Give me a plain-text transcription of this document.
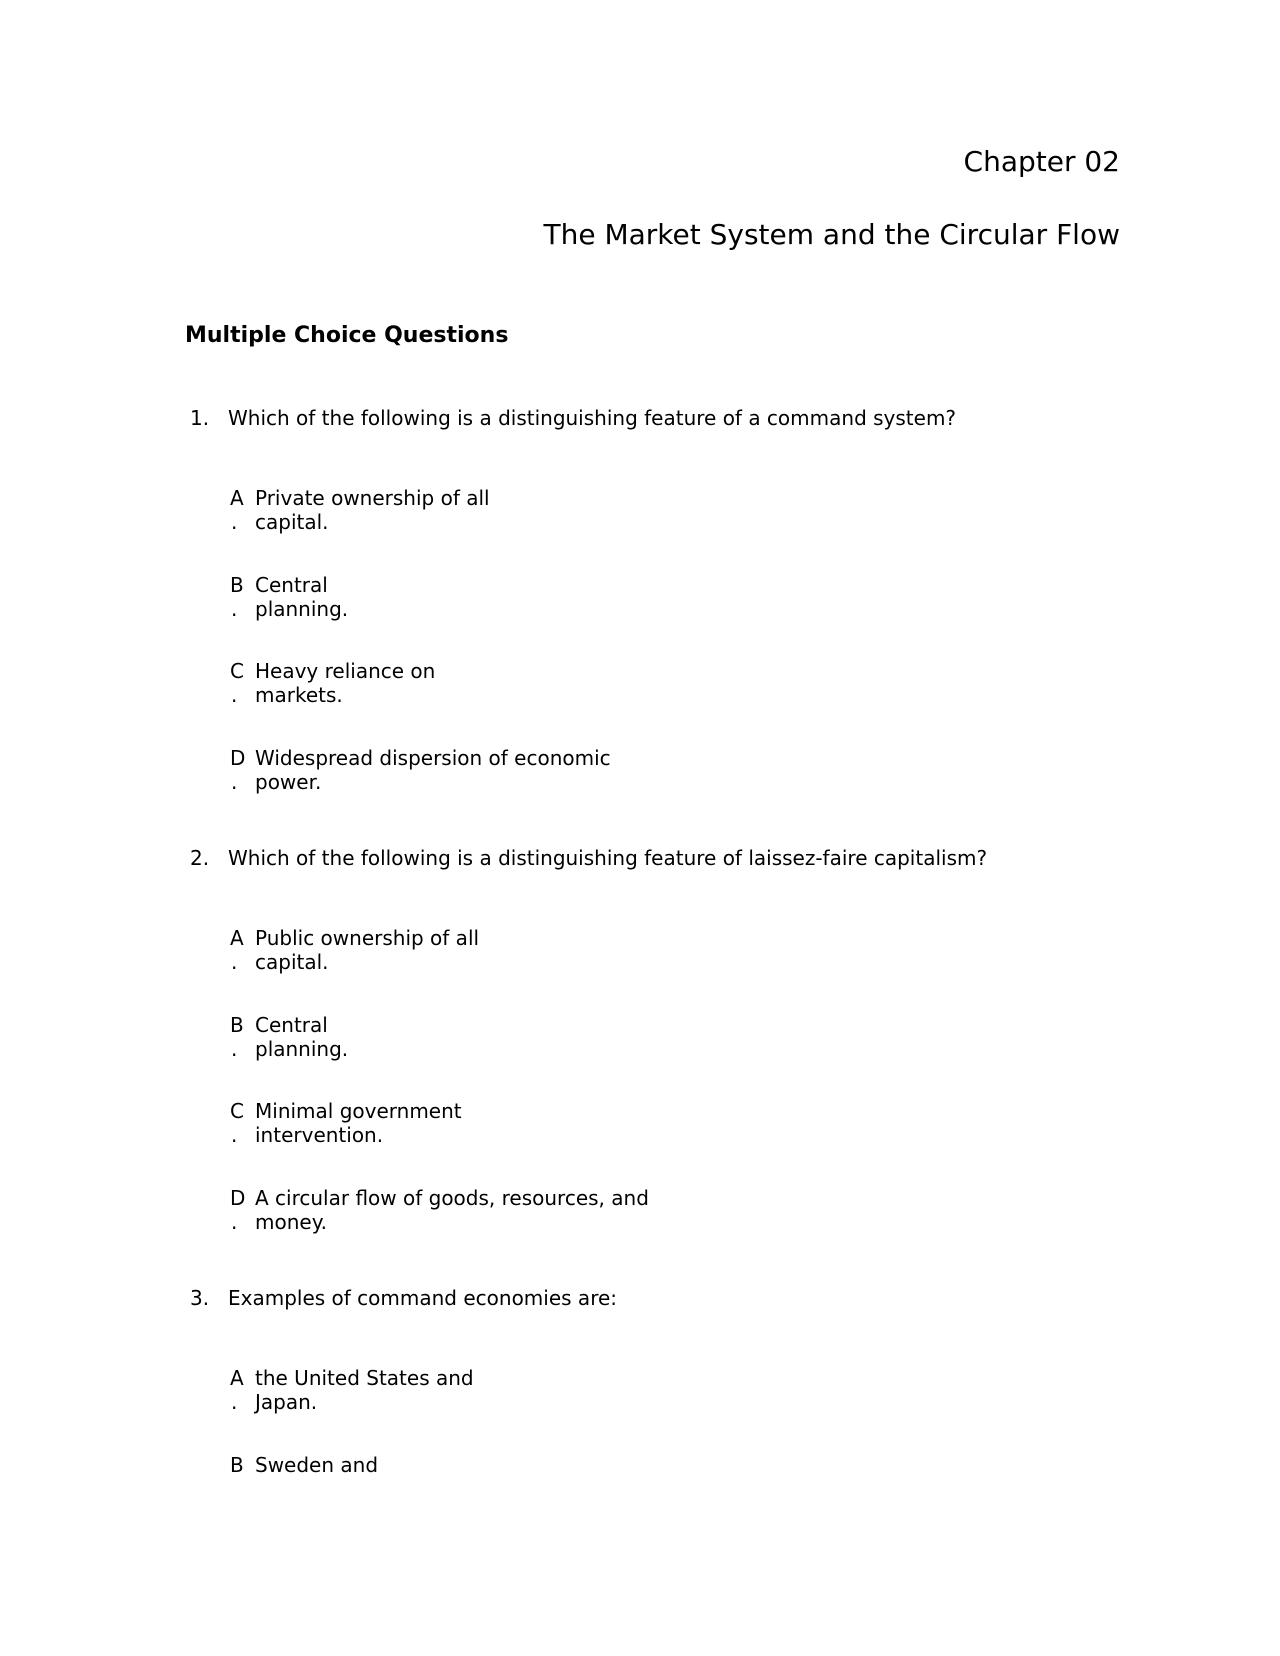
Chapter 02
The Market System and the Circular Flow
Multiple Choice Questions
1. Which of the following is a distinguishing feature of a command system?
A
.
Private ownership of all
capital.
B
.
Central
planning.
C
.
Heavy reliance on
markets.
D
.
Widespread dispersion of economic
power.
2. Which of the following is a distinguishing feature of laissez-faire capitalism?
A
.
Public ownership of all
capital.
B
.
Central
planning.
C
.
Minimal government
intervention.
D
.
A circular flow of goods, resources, and
money.
3. Examples of command economies are:
A
.
the United States and
Japan.
B Sweden and
